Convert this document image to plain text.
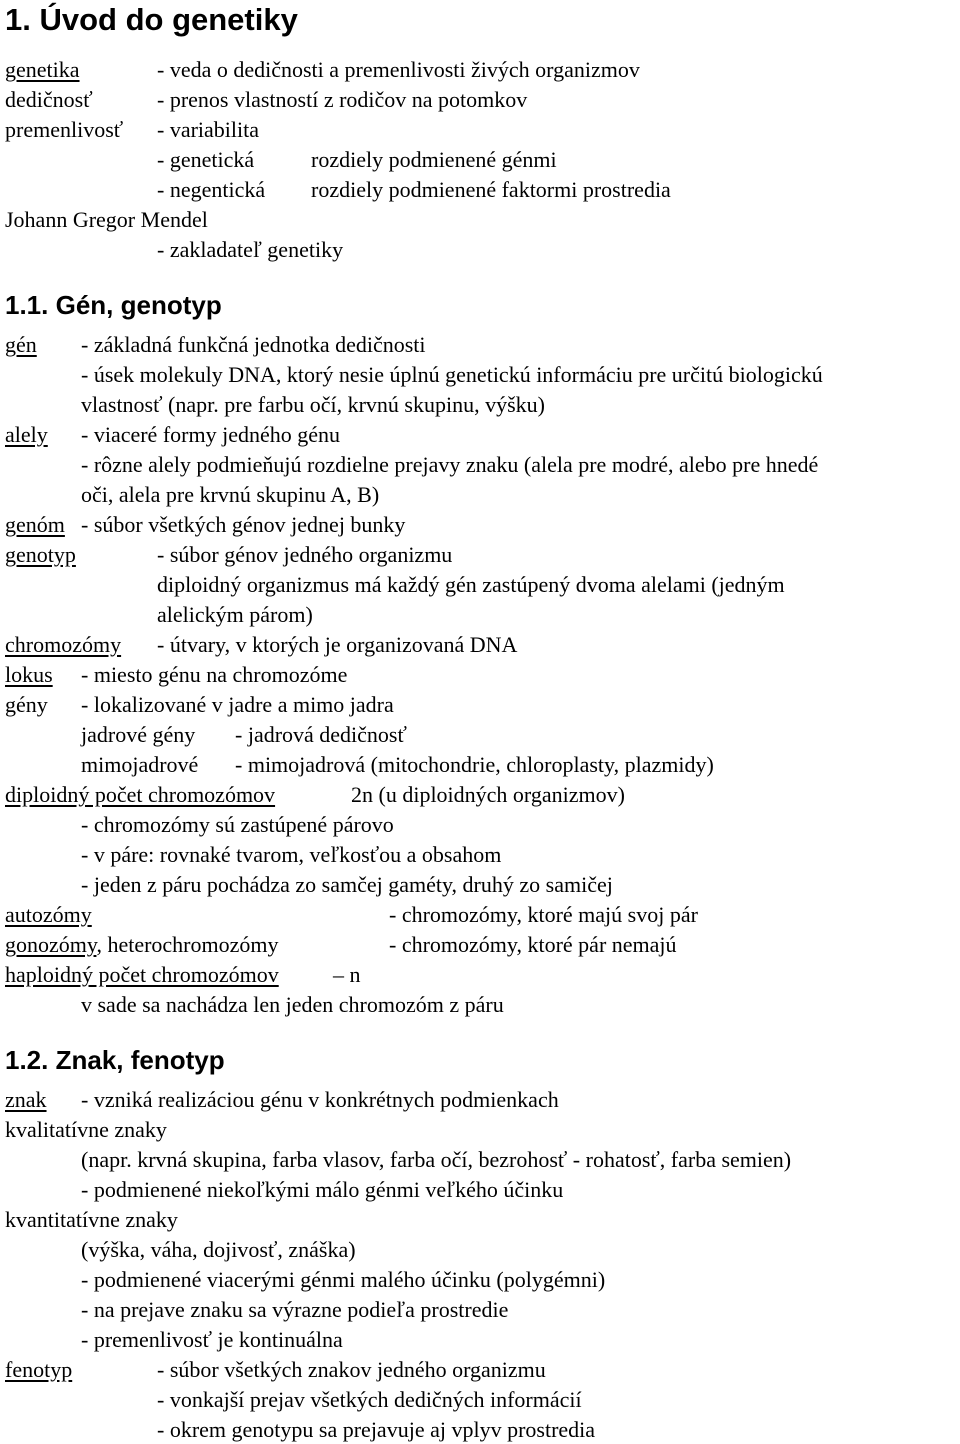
1. Úvod do genetiky
genetika	- veda o dedičnosti a premenlivosti živých organizmov
dedičnosť	- prenos vlastností z rodičov na potomkov
premenlivosť - variabilita
- genetická	rozdiely podmienené génmi
- negentická rozdiely podmienené faktormi prostredia
Johann Gregor Mendel
- zakladateľ genetiky
1.1. Gén, genotyp
gén - základná funkčná jednotka dedičnosti
- úsek molekuly DNA, ktorý nesie úplnú genetickú informáciu pre určitú biologickú
vlastnosť (napr. pre farbu očí, krvnú skupinu, výšku)
alely - viaceré formy jedného génu
- rôzne alely podmieňujú rozdielne prejavy znaku (alela pre modré, alebo pre hnedé
oči, alela pre krvnú skupinu A, B)
genóm - súbor všetkých génov jednej bunky
genotyp	- súbor génov jedného organizmu
diploidný organizmus má každý gén zastúpený dvoma alelami (jedným
alelickým párom)
chromozómy - útvary, v ktorých je organizovaná DNA
lokus - miesto génu na chromozóme
gény - lokalizované v jadre a mimo jadra
jadrové gény - jadrová dedičnosť
mimojadrové - mimojadrová (mitochondrie, chloroplasty, plazmidy)
diploidný počet chromozómov	2n (u diploidných organizmov)
- chromozómy sú zastúpené párovo
- v páre: rovnaké tvarom, veľkosťou a obsahom
- jeden z páru pochádza zo samčej gaméty, druhý zo samičej
autozómy	- chromozómy, ktoré majú svoj pár
gonozómy, heterochromozómy	- chromozómy, ktoré pár nemajú
haploidný počet chromozómov – n
v sade sa nachádza len jeden chromozóm z páru
1.2. Znak, fenotyp
znak - vzniká realizáciou génu v konkrétnych podmienkach
kvalitatívne znaky
(napr. krvná skupina, farba vlasov, farba očí, bezrohosť - rohatosť, farba semien)
- podmienené niekoľkými málo génmi veľkého účinku
kvantitatívne znaky
(výška, váha, dojivosť, znáška)
- podmienené viacerými génmi malého účinku (polygémni)
- na prejave znaku sa výrazne podieľa prostredie
- premenlivosť je kontinuálna
fenotyp	- súbor všetkých znakov jedného organizmu
- vonkajší prejav všetkých dedičných informácií
- okrem genotypu sa prejavuje aj vplyv prostredia
